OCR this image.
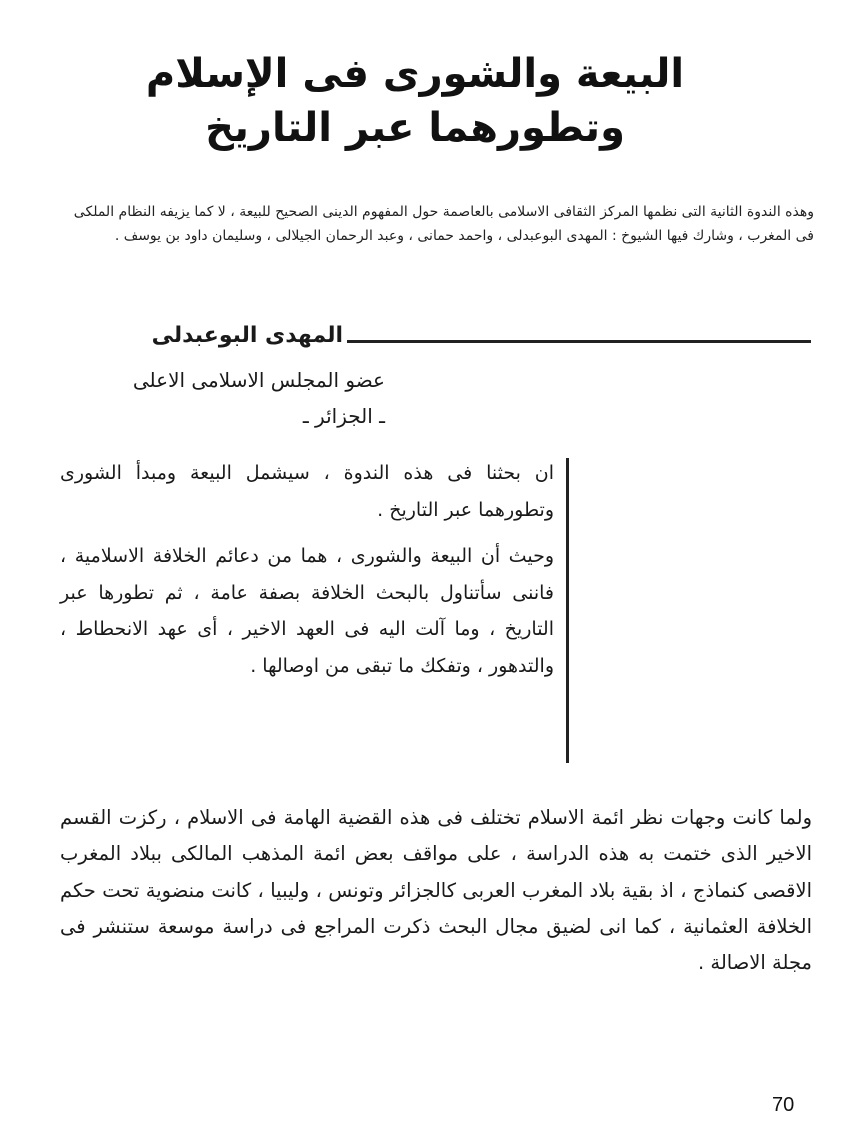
البيعة والشورى فى الإسلام
وتطورهما عبر التاريخ

وهذه الندوة الثانية التى نظمها المركز الثقافى الاسلامى بالعاصمة حول المفهوم الدينى الصحيح للبيعة ، لا كما يزيفه النظام الملكى فى المغرب ، وشارك فيها الشيوخ : المهدى البوعبدلى ، واحمد حمانى ، وعبد الرحمان الجيلالى ، وسليمان داود بن يوسف .

المهدى البوعبدلى
عضو المجلس الاسلامى الاعلى
ـ الجزائر ـ

ان بحثنا فى هذه الندوة ، سيشمل البيعة ومبدأ الشورى وتطورهما عبر التاريخ .

وحيث أن البيعة والشورى ، هما من دعائم الخلافة الاسلامية ، فاننى سأتناول بالبحث الخلافة بصفة عامة ، ثم تطورها عبر التاريخ ، وما آلت اليه فى العهد الاخير ، أى عهد الانحطاط ، والتدهور ، وتفكك ما تبقى من اوصالها .

ولما كانت وجهات نظر ائمة الاسلام تختلف فى هذه القضية الهامة فى الاسلام ، ركزت القسم الاخير الذى ختمت به هذه الدراسة ، على مواقف بعض ائمة المذهب المالكى ببلاد المغرب الاقصى كنماذج ، اذ بقية بلاد المغرب العربى كالجزائر وتونس ، وليبيا ، كانت منضوية تحت حكم الخلافة العثمانية ، كما انى لضيق مجال البحث ذكرت المراجع فى دراسة موسعة ستنشر فى مجلة الاصالة .

70
